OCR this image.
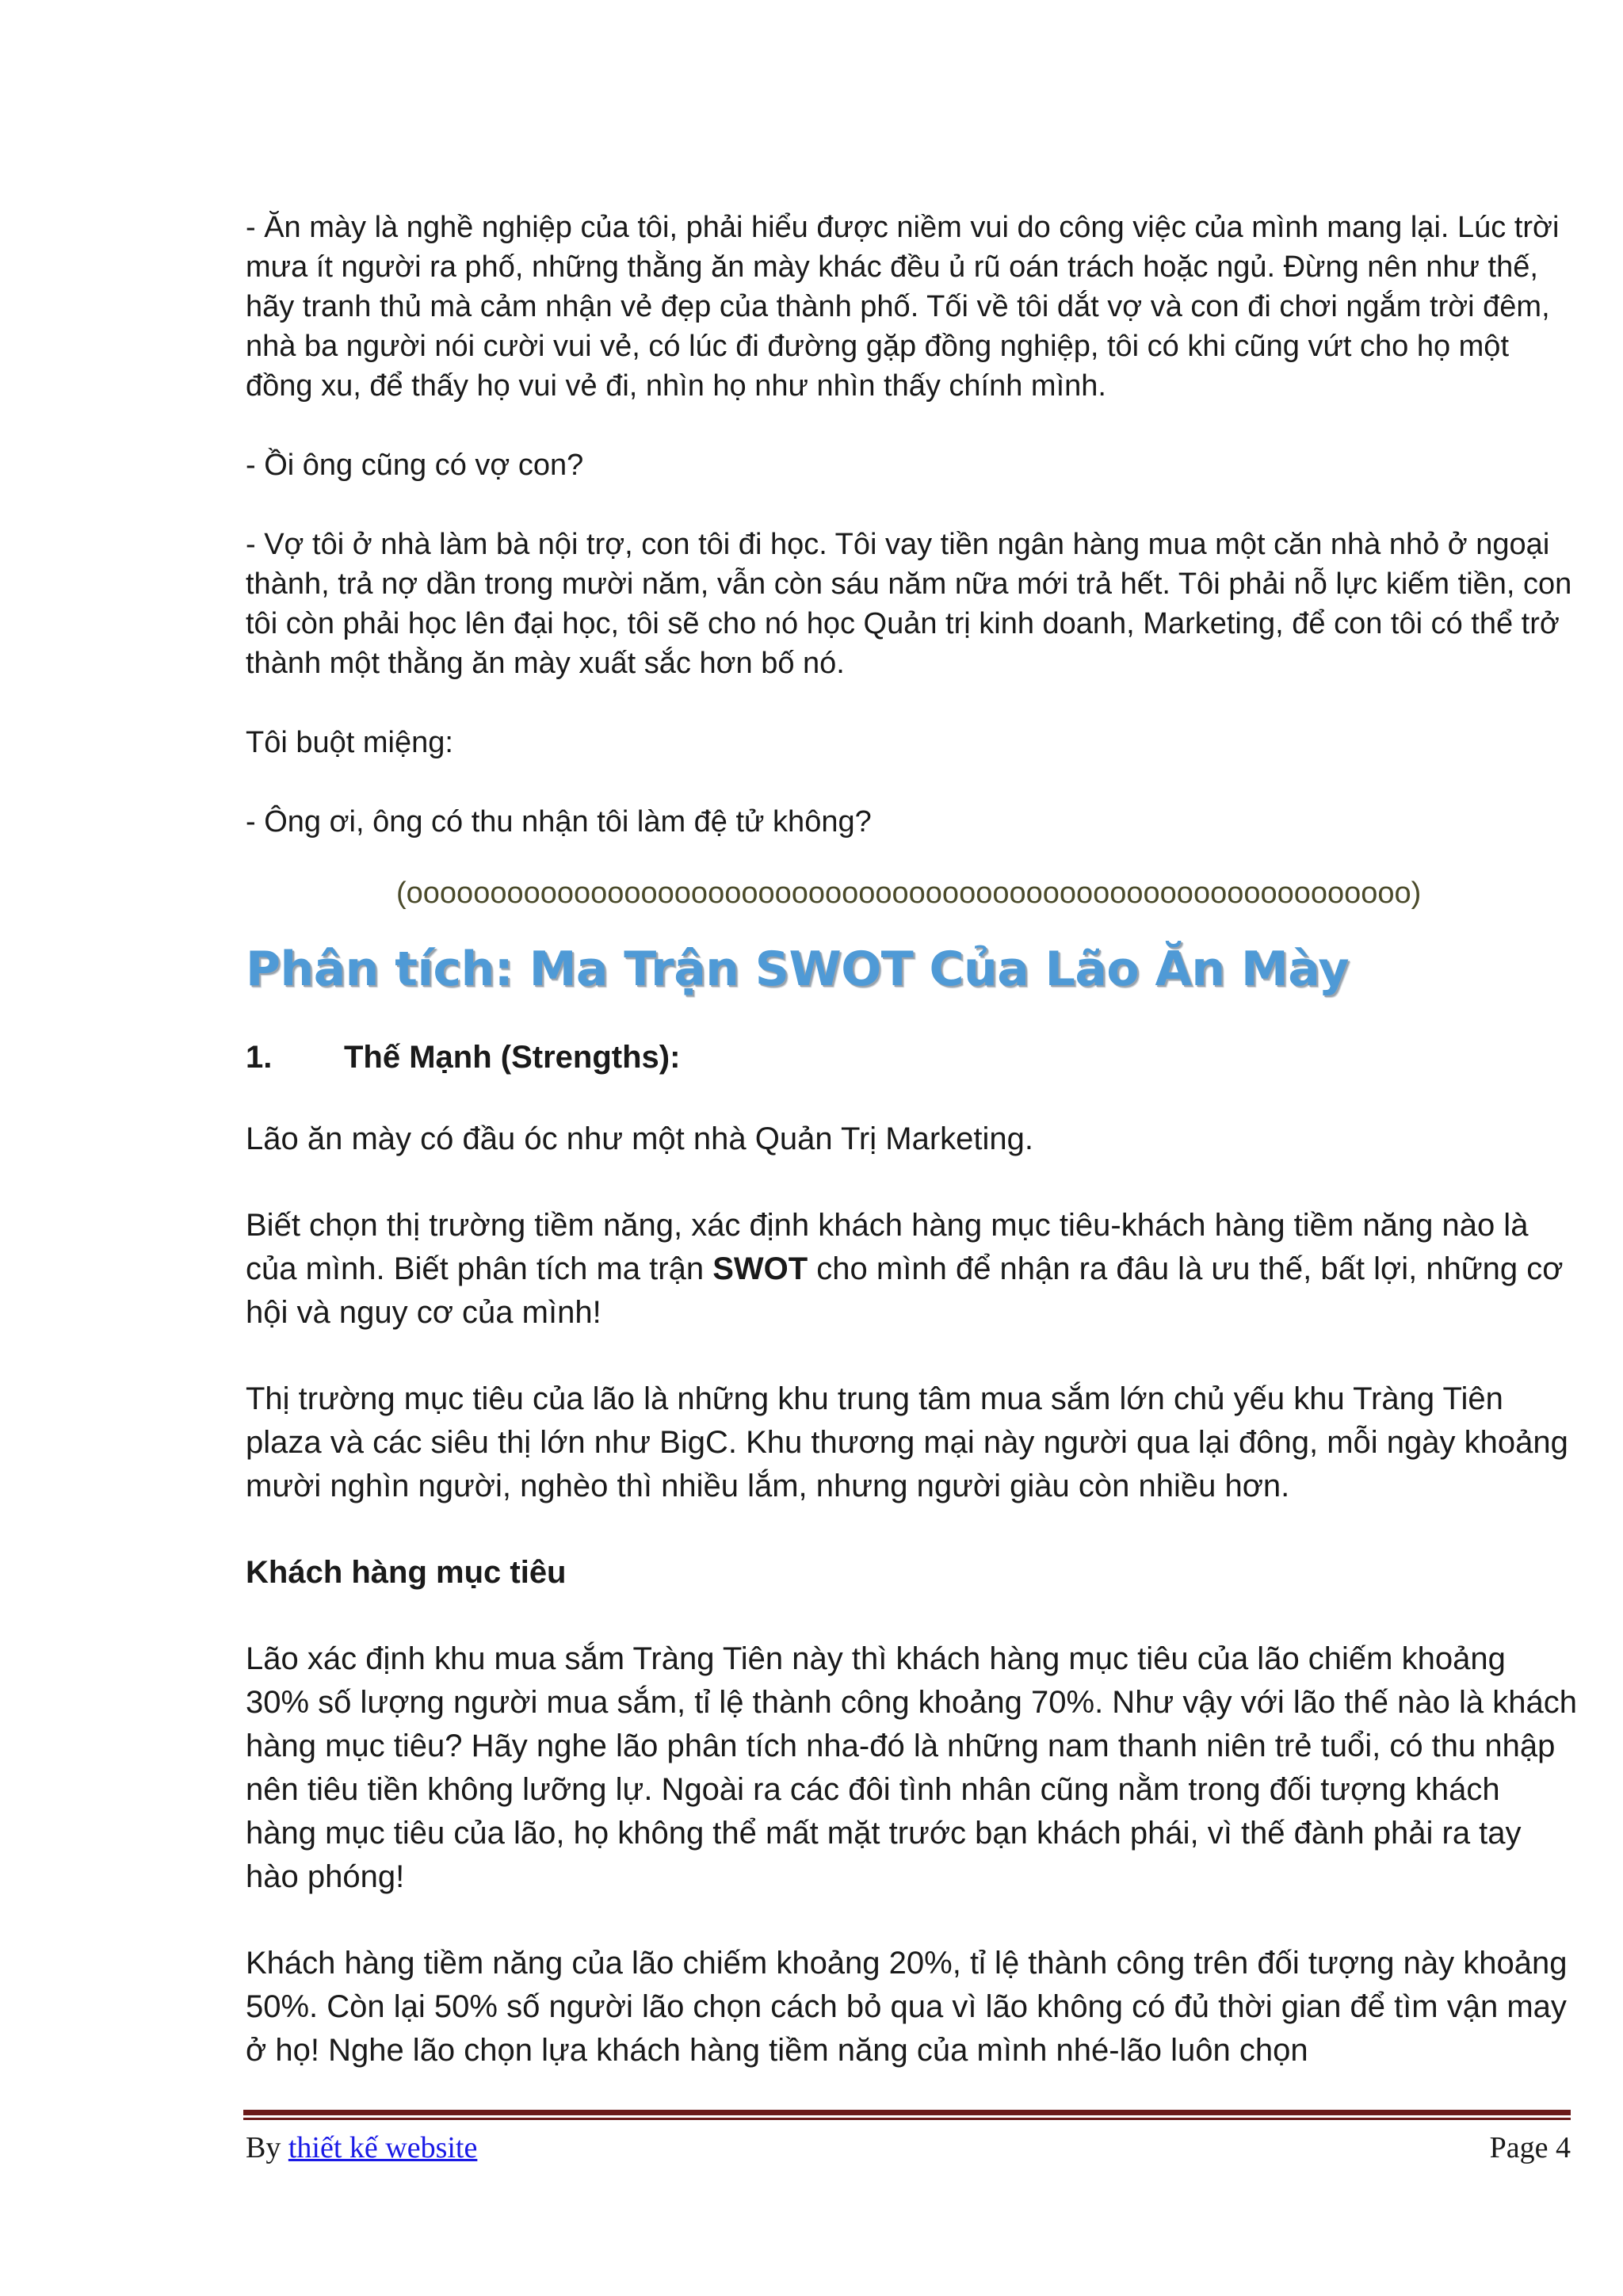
- Ăn mày là nghề nghiệp của tôi, phải hiểu được niềm vui do công việc của mình mang lại. Lúc trời mưa ít người ra phố, những thằng ăn mày khác đều ủ rũ oán trách hoặc ngủ. Đừng nên như thế, hãy tranh thủ mà cảm nhận vẻ đẹp của thành phố. Tối về tôi dắt vợ và con đi chơi ngắm trời đêm, nhà ba người nói cười vui vẻ, có lúc đi đường gặp đồng nghiệp, tôi có khi cũng vứt cho họ một đồng xu, để thấy họ vui vẻ đi, nhìn họ như nhìn thấy chính mình.

- Ồi ông cũng có vợ con?

- Vợ tôi ở nhà làm bà nội trợ, con tôi đi học. Tôi vay tiền ngân hàng mua một căn nhà nhỏ ở ngoại thành, trả nợ dần trong mười năm, vẫn còn sáu năm nữa mới trả hết. Tôi phải nỗ lực kiếm tiền, con tôi còn phải học lên đại học, tôi sẽ cho nó học Quản trị kinh doanh, Marketing, để con tôi có thể trở thành một thằng ăn mày xuất sắc hơn bố nó.

Tôi buột miệng:

- Ông ơi, ông có thu nhận tôi làm đệ tử không?

(oooooooooooooooooooooooooooooooooooooooooooooooooooooooooooo)
Phân tích: Ma Trận SWOT Của Lão Ăn Mày
1. Thế Mạnh (Strengths):

Lão ăn mày có đầu óc như một nhà Quản Trị Marketing.

Biết chọn thị trường tiềm năng, xác định khách hàng mục tiêu-khách hàng tiềm năng nào là của mình. Biết phân tích ma trận SWOT cho mình để nhận ra đâu là ưu thế, bất lợi, những cơ hội và nguy cơ của mình!

Thị trường mục tiêu của lão là những khu trung tâm mua sắm lớn chủ yếu khu Tràng Tiên plaza và các siêu thị lớn như BigC. Khu thương mại này người qua lại đông, mỗi ngày khoảng mười nghìn người, nghèo thì nhiều lắm, nhưng người giàu còn nhiều hơn.

Khách hàng mục tiêu

Lão xác định khu mua sắm Tràng Tiên này thì khách hàng mục tiêu của lão chiếm khoảng 30% số lượng người mua sắm, tỉ lệ thành công khoảng 70%. Như vậy với lão thế nào là khách hàng mục tiêu? Hãy nghe lão phân tích nha-đó là những nam thanh niên trẻ tuổi, có thu nhập nên tiêu tiền không lưỡng lự. Ngoài ra các đôi tình nhân cũng nằm trong đối tượng khách hàng mục tiêu của lão, họ không thể mất mặt trước bạn khách phái, vì thế đành phải ra tay hào phóng!

Khách hàng tiềm năng của lão chiếm khoảng 20%, tỉ lệ thành công trên đối tượng này khoảng 50%. Còn lại 50% số người lão chọn cách bỏ qua vì lão không có đủ thời gian để tìm vận may ở họ! Nghe lão chọn lựa khách hàng tiềm năng của mình nhé-lão luôn chọn

By thiết kế website	Page 4
